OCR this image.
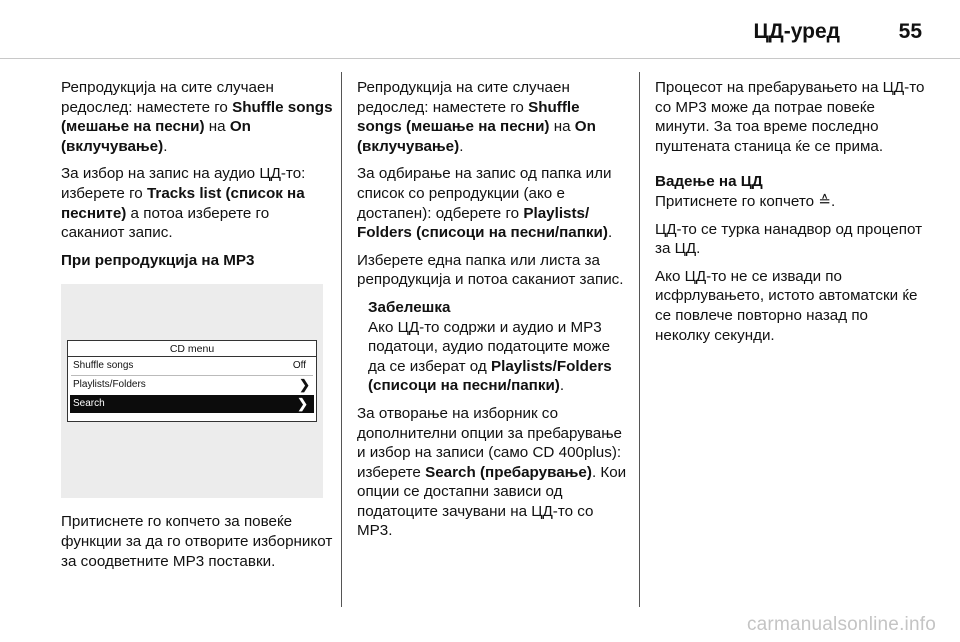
ЦД-уред	55

Репродукција на сите случаен редослед: наместете го Shuffle songs (мешање на песни) на On (вклучување).

За избор на запис на аудио ЦД-то: изберете го Tracks list (список на песните) а потоа изберете го саканиот запис.

При репродукција на MP3

CD menu
Shuffle songs	Off
Playlists/Folders	❯
Search	❯

Притиснете го копчето за повеќе функции за да го отворите изборникот за соодветните MP3 поставки.

Репродукција на сите случаен редослед: наместете го Shuffle songs (мешање на песни) на On (вклучување).

За одбирање на запис од папка или список со репродукции (ако е достапен): одберете го Playlists/ Folders (списоци на песни/папки).

Изберете една папка или листа за репродукција и потоа саканиот запис.

Забелешка
Ако ЦД-то содржи и аудио и MP3 податоци, аудио податоците може да се изберат од Playlists/Folders (списоци на песни/папки).

За отворање на изборник со дополнителни опции за пребарување и избор на записи (само CD 400plus): изберете Search (пребарување). Кои опции се достапни зависи од податоците зачувани на ЦД-то со MP3.

Процесот на пребарувањето на ЦД-то со MP3 може да потрае повеќе минути. За тоа време последно пуштената станица ќе се прима.

Вадење на ЦД

Притиснете го копчето ≙.

ЦД-то се турка нанадвор од процепот за ЦД.

Ако ЦД-то не се извади по исфрлувањето, истото автоматски ќе се повлече повторно назад по неколку секунди.

carmanualsonline.info
